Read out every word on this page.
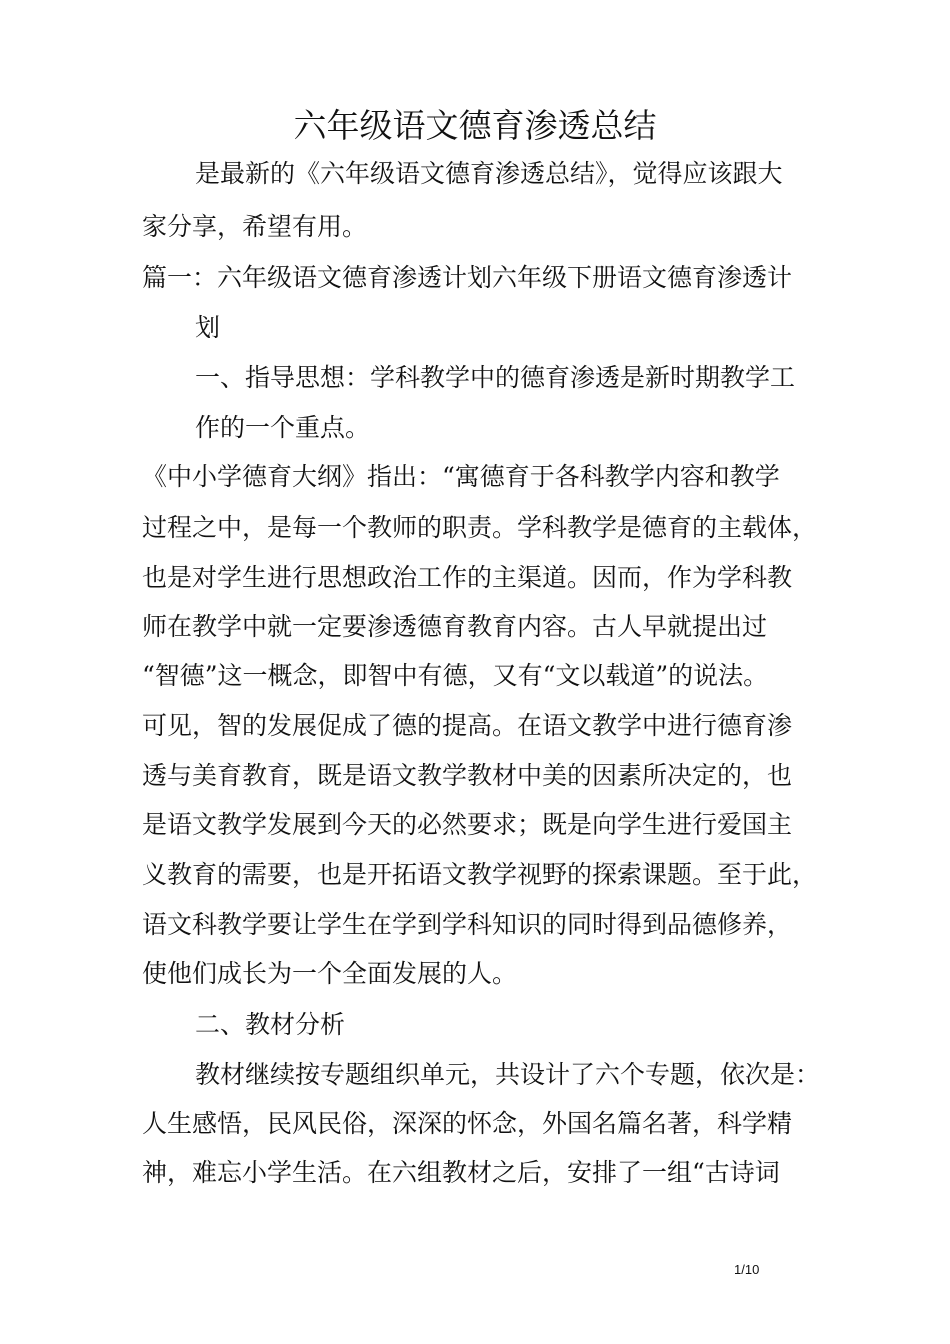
六年级语文德育渗透总结

是最新的《六年级语文德育渗透总结》，觉得应该跟大

家分享，希望有用。

篇一：六年级语文德育渗透计划六年级下册语文德育渗透计

划

一、指导思想：学科教学中的德育渗透是新时期教学工

作的一个重点。

《中小学德育大纲》指出：“寓德育于各科教学内容和教学

过程之中，是每一个教师的职责。学科教学是德育的主载体，

也是对学生进行思想政治工作的主渠道。因而，作为学科教

师在教学中就一定要渗透德育教育内容。古人早就提出过

“智德”这一概念，即智中有德，又有“文以载道”的说法。

可见，智的发展促成了德的提高。在语文教学中进行德育渗

透与美育教育，既是语文教学教材中美的因素所决定的，也

是语文教学发展到今天的必然要求；既是向学生进行爱国主

义教育的需要，也是开拓语文教学视野的探索课题。至于此，

语文科教学要让学生在学到学科知识的同时得到品德修养，

使他们成长为一个全面发展的人。

二、教材分析

教材继续按专题组织单元，共设计了六个专题，依次是：

人生感悟，民风民俗，深深的怀念，外国名篇名著，科学精

神，难忘小学生活。在六组教材之后，安排了一组“古诗词

1/10
